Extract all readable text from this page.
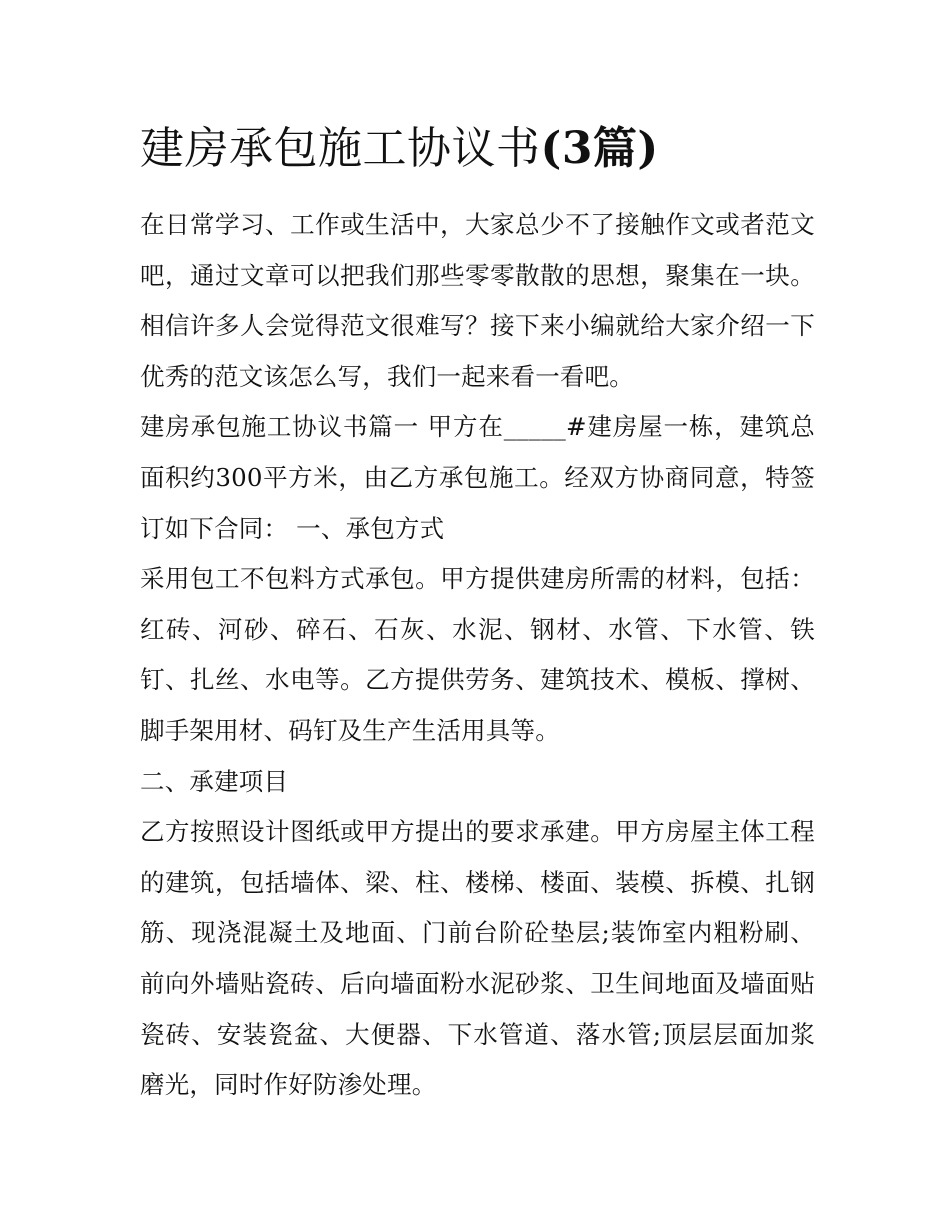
建房承包施工协议书(3篇)

在日常学习、工作或生活中，大家总少不了接触作文或者范文吧，通过文章可以把我们那些零零散散的思想，聚集在一块。相信许多人会觉得范文很难写？接下来小编就给大家介绍一下优秀的范文该怎么写，我们一起来看一看吧。

建房承包施工协议书篇一 甲方在_____#建房屋一栋，建筑总面积约300平方米，由乙方承包施工。经双方协商同意，特签订如下合同： 一、承包方式

采用包工不包料方式承包。甲方提供建房所需的材料，包括：红砖、河砂、碎石、石灰、水泥、钢材、水管、下水管、铁钉、扎丝、水电等。乙方提供劳务、建筑技术、模板、撑树、脚手架用材、码钉及生产生活用具等。

二、承建项目

乙方按照设计图纸或甲方提出的要求承建。甲方房屋主体工程的建筑，包括墙体、梁、柱、楼梯、楼面、装模、拆模、扎钢筋、现浇混凝土及地面、门前台阶砼垫层;装饰室内粗粉刷、前向外墙贴瓷砖、后向墙面粉水泥砂浆、卫生间地面及墙面贴瓷砖、安装瓷盆、大便器、下水管道、落水管;顶层层面加浆磨光，同时作好防渗处理。
